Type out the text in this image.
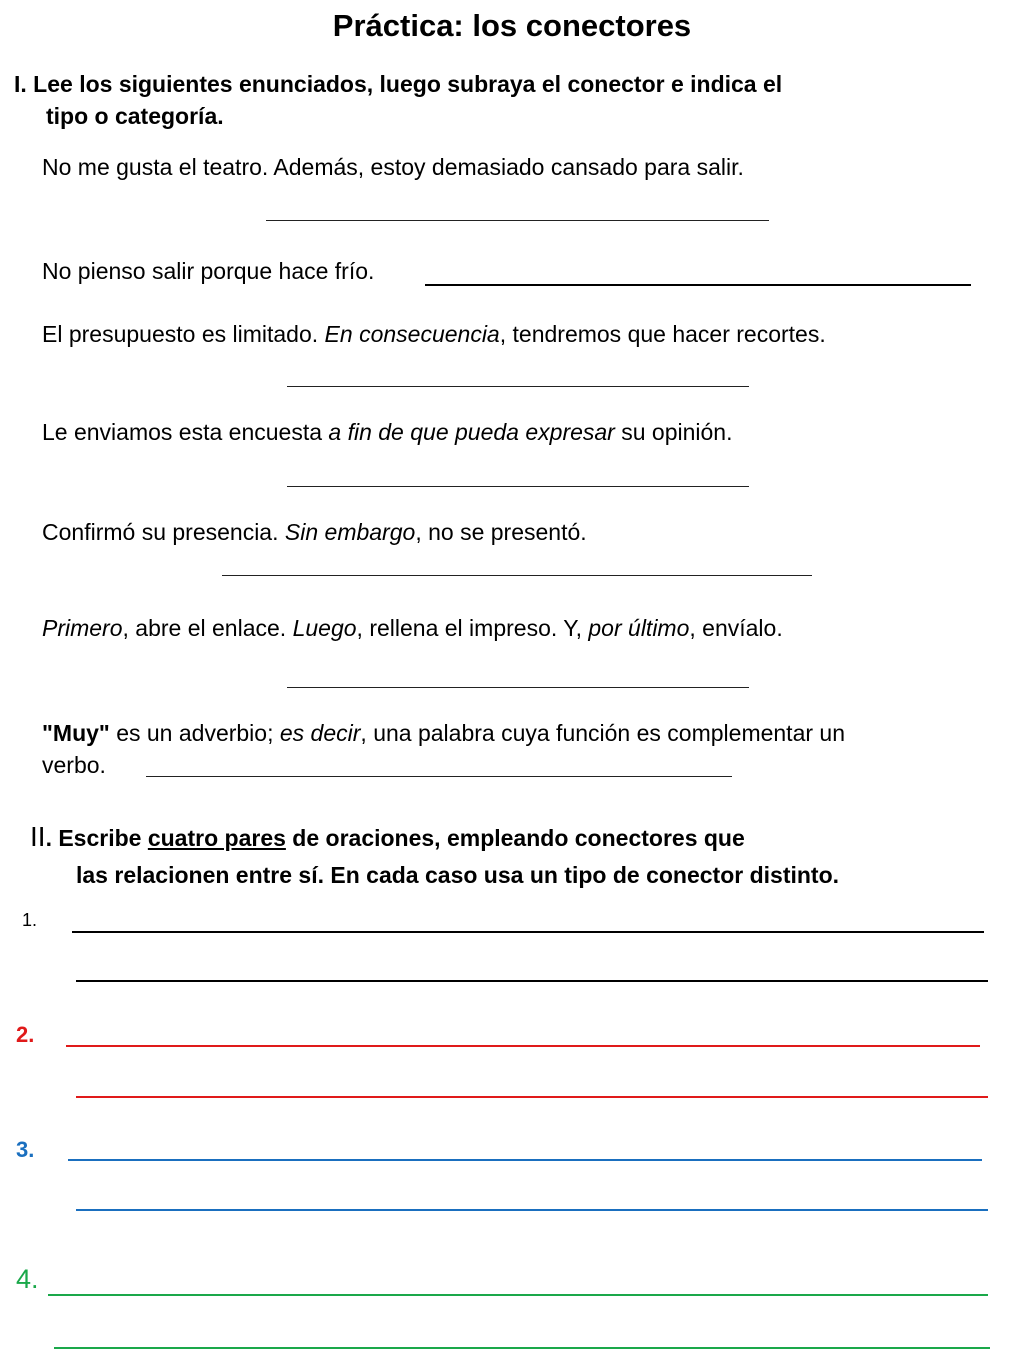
Práctica: los conectores
I. Lee los siguientes enunciados, luego subraya el conector e indica el
tipo o categoría.
No me gusta el teatro. Además, estoy demasiado cansado para salir.
No pienso salir porque hace frío.
El presupuesto es limitado. En consecuencia, tendremos que hacer recortes.
Le enviamos esta encuesta a fin de que pueda expresar su opinión.
Confirmó su presencia. Sin embargo, no se presentó.
Primero, abre el enlace. Luego, rellena el impreso. Y, por último, envíalo.
"Muy" es un adverbio; es decir, una palabra cuya función es complementar un
verbo.
II. Escribe cuatro pares de oraciones, empleando conectores que
las relacionen entre sí. En cada caso usa un tipo de conector distinto.
1.
2.
3.
4.
